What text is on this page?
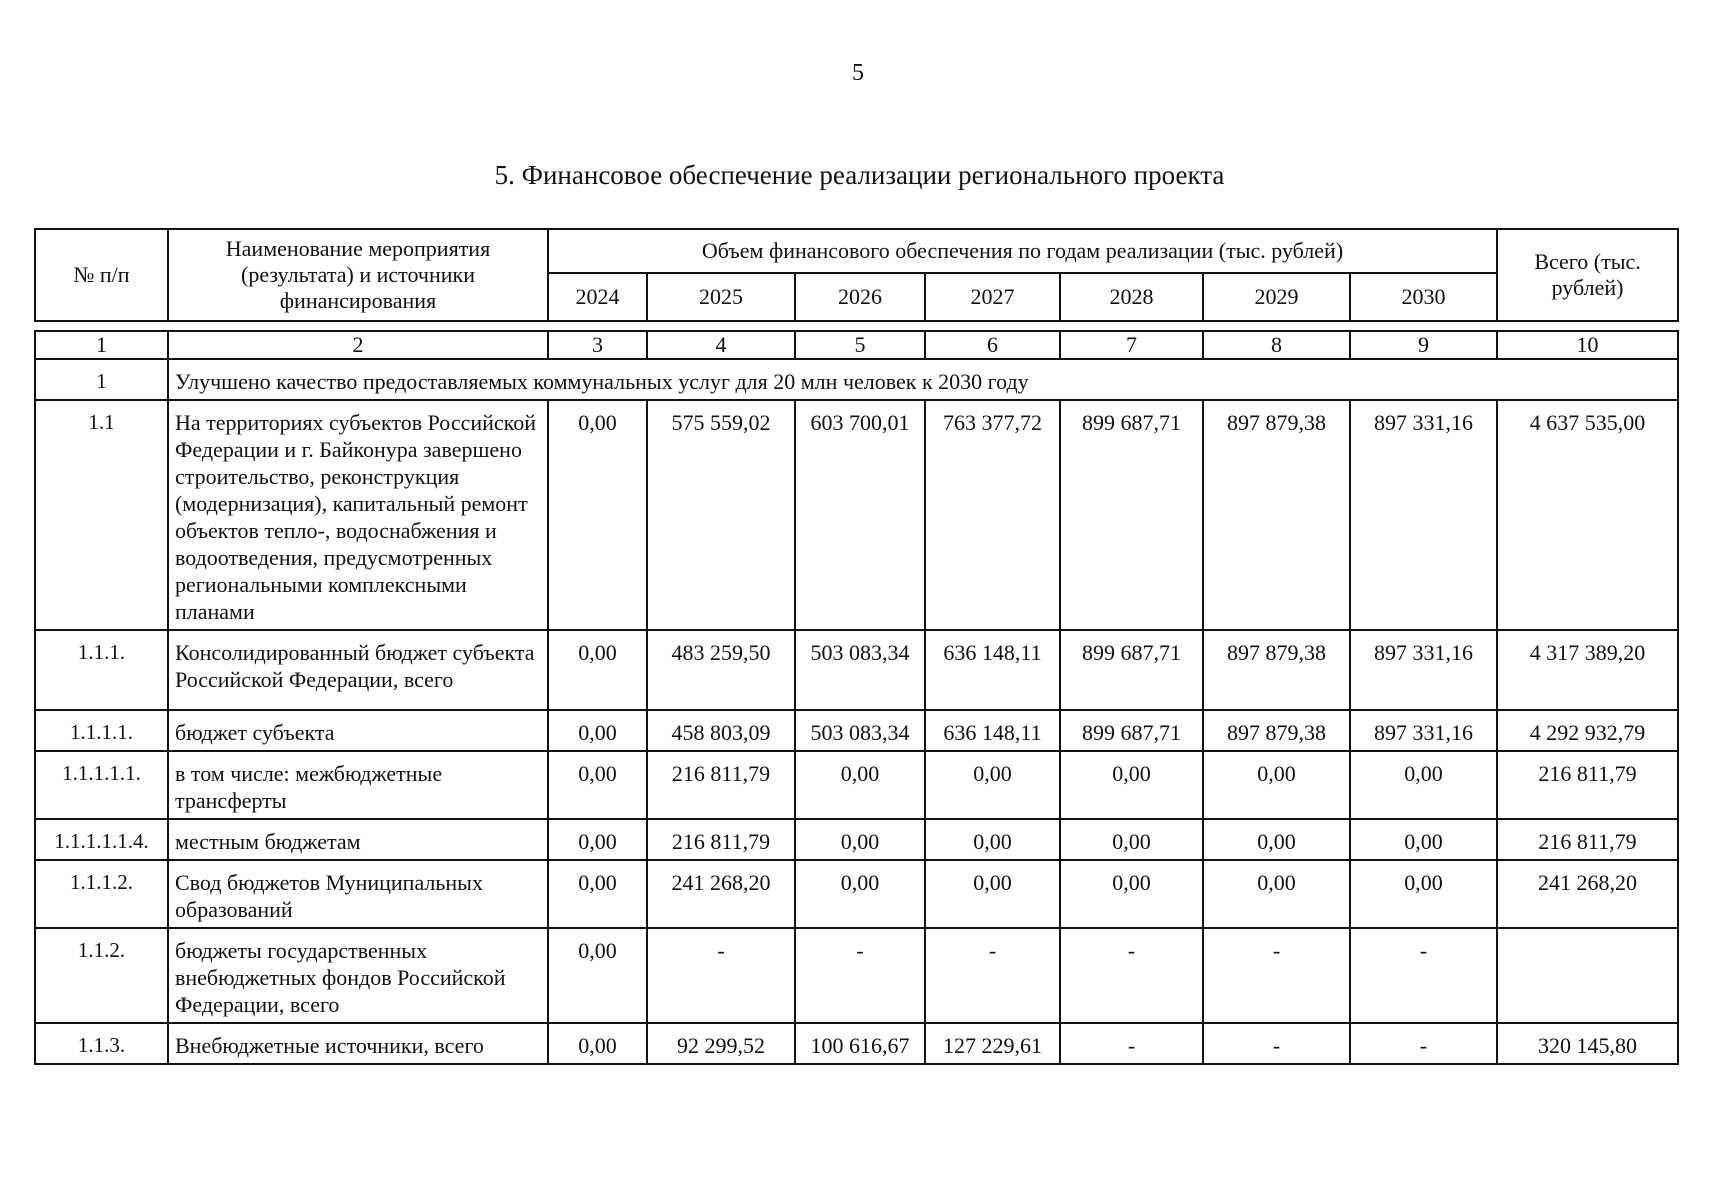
5
5. Финансовое обеспечение реализации регионального проекта
№ п/п	Наименование мероприятия (результата) и источники финансирования	Объем финансового обеспечения по годам реализации (тыс. рублей)							Всего (тыс. рублей)
		2024	2025	2026	2027	2028	2029	2030	
1	2	3	4	5	6	7	8	9	10
1	Улучшено качество предоставляемых коммунальных услуг для 20 млн человек к 2030 году								
1.1	На территориях субъектов Российской Федерации и г. Байконура завершено строительство, реконструкция (модернизация), капитальный ремонт объектов тепло-, водоснабжения и водоотведения, предусмотренных региональными комплексными планами	0,00	575 559,02	603 700,01	763 377,72	899 687,71	897 879,38	897 331,16	4 637 535,00
1.1.1.	Консолидированный бюджет субъекта Российской Федерации, всего	0,00	483 259,50	503 083,34	636 148,11	899 687,71	897 879,38	897 331,16	4 317 389,20
1.1.1.1.	бюджет субъекта	0,00	458 803,09	503 083,34	636 148,11	899 687,71	897 879,38	897 331,16	4 292 932,79
1.1.1.1.1.	в том числе: межбюджетные трансферты	0,00	216 811,79	0,00	0,00	0,00	0,00	0,00	216 811,79
1.1.1.1.1.4.	местным бюджетам	0,00	216 811,79	0,00	0,00	0,00	0,00	0,00	216 811,79
1.1.1.2.	Свод бюджетов Муниципальных образований	0,00	241 268,20	0,00	0,00	0,00	0,00	0,00	241 268,20
1.1.2.	бюджеты государственных внебюджетных фондов Российской Федерации, всего	0,00	-	-	-	-	-	-	
1.1.3.	Внебюджетные источники, всего	0,00	92 299,52	100 616,67	127 229,61	-	-	-	320 145,80
